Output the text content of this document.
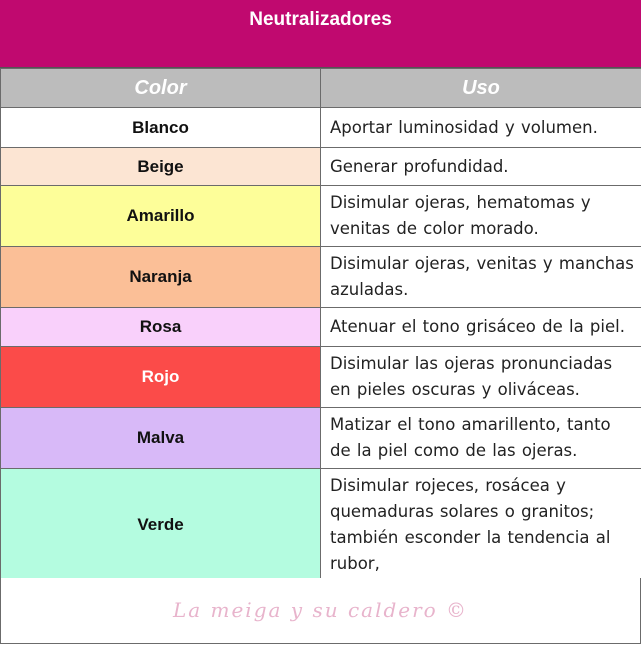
Neutralizadores
Color	Uso
Blanco	Aportar luminosidad y volumen.
Beige	Generar profundidad.
Amarillo	Disimular ojeras, hematomas y venitas de color morado.
Naranja	Disimular ojeras, venitas y manchas azuladas.
Rosa	Atenuar el tono grisáceo de la piel.
Rojo	Disimular las ojeras pronunciadas en pieles oscuras y oliváceas.
Malva	Matizar el tono amarillento, tanto de la piel como de las ojeras.
Verde	Disimular rojeces, rosácea y quemaduras solares o granitos; también esconder la tendencia al rubor,
La meiga y su caldero ©
